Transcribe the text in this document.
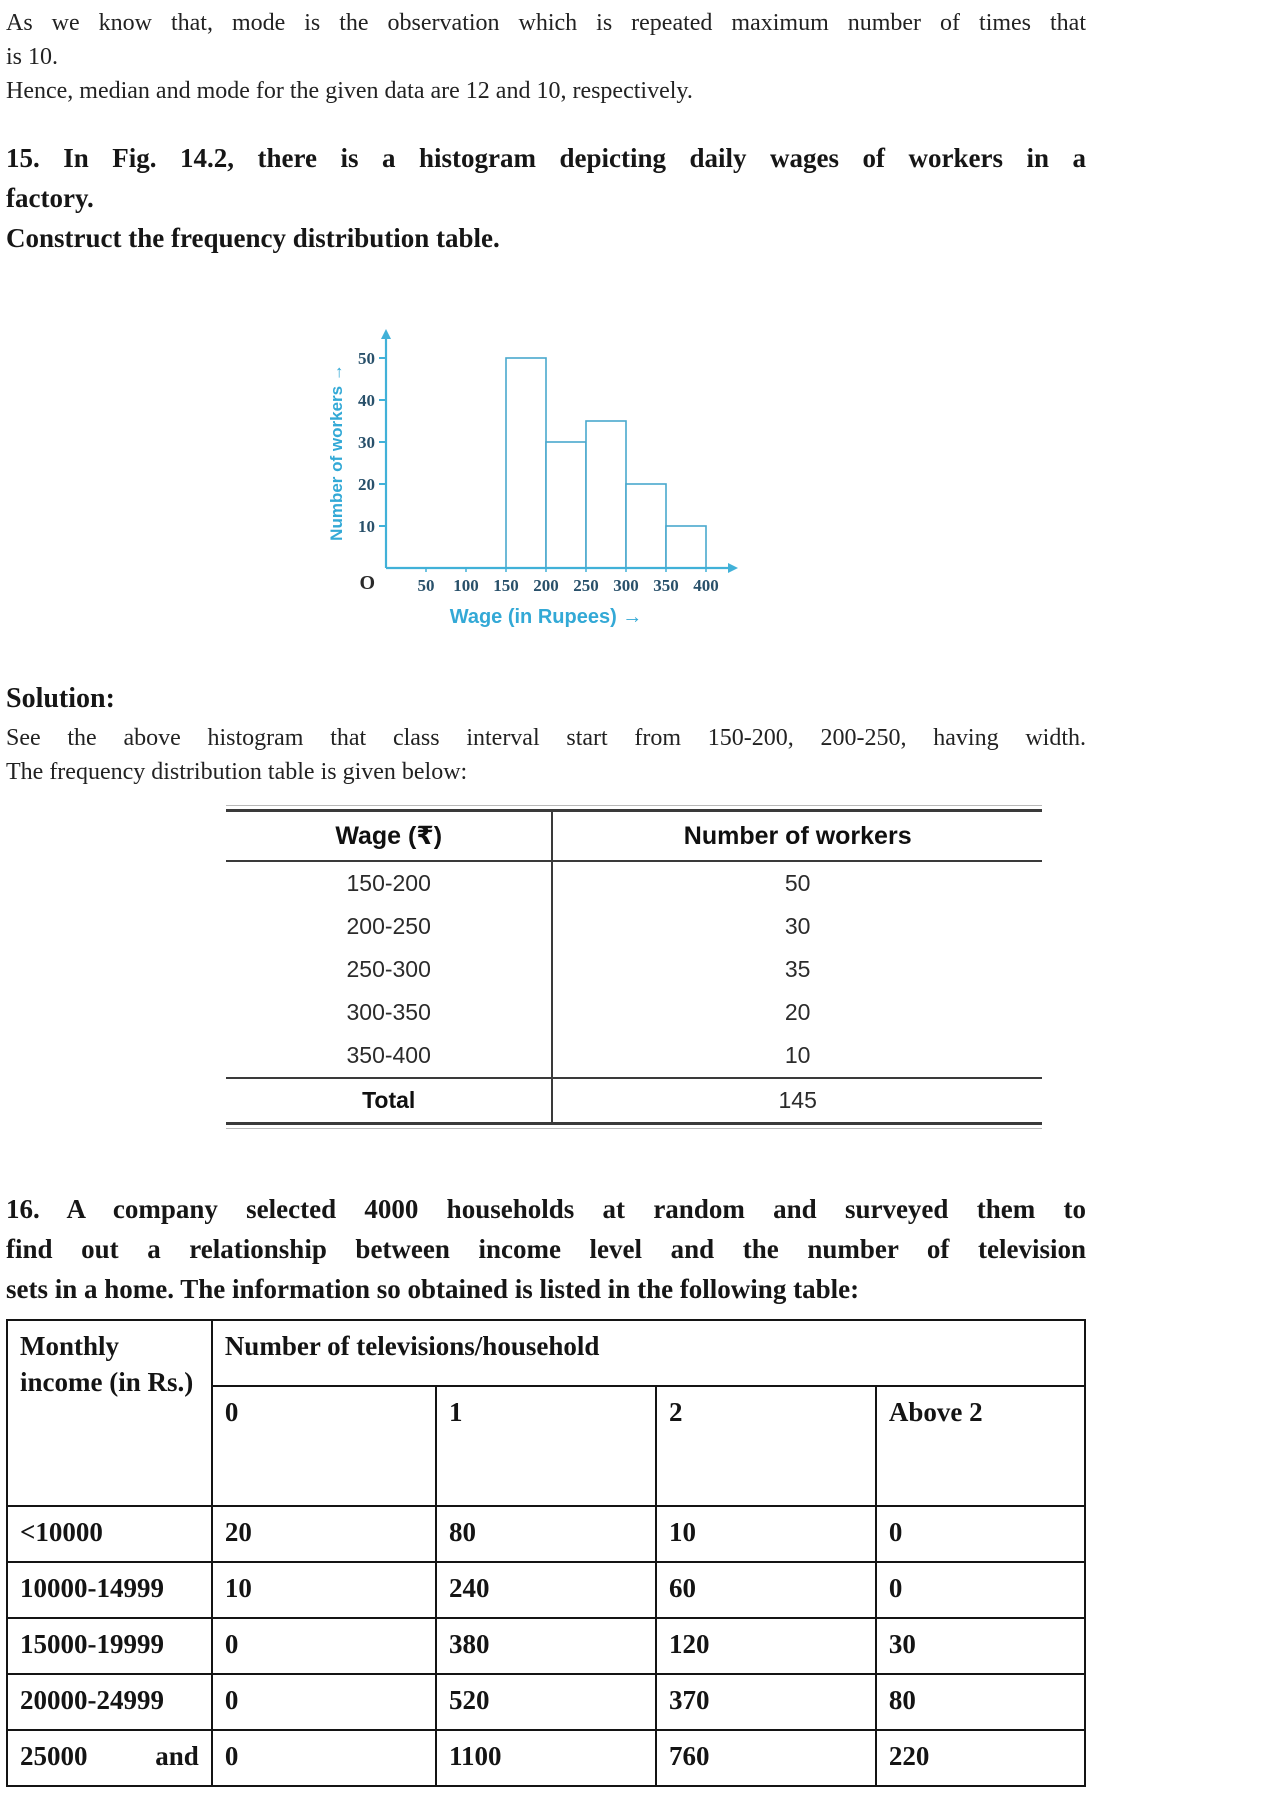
As we know that, mode is the observation which is repeated maximum number of times that
is 10.
Hence, median and mode for the given data are 12 and 10, respectively.
15. In Fig. 14.2, there is a histogram depicting daily wages of workers in a
factory.
Construct the frequency distribution table.
10
20
30
40
50
50 100 150 200 250 300 350 400
O
Number of workers →
Wage (in Rupees) →
Solution:
See the above histogram that class interval start from 150-200, 200-250, having width.
The frequency distribution table is given below:
Wage (₹)	Number of workers
150-200	50
200-250	30
250-300	35
300-350	20
350-400	10
Total	145
16. A company selected 4000 households at random and surveyed them to
find out a relationship between income level and the number of television
sets in a home. The information so obtained is listed in the following table:
Monthly income (in Rs.)	Number of televisions/household			
	0	1	2	Above 2
<10000	20	80	10	0
10000-14999	10	240	60	0
15000-19999	0	380	120	30
20000-24999	0	520	370	80
25000 and	0	1100	760	220
